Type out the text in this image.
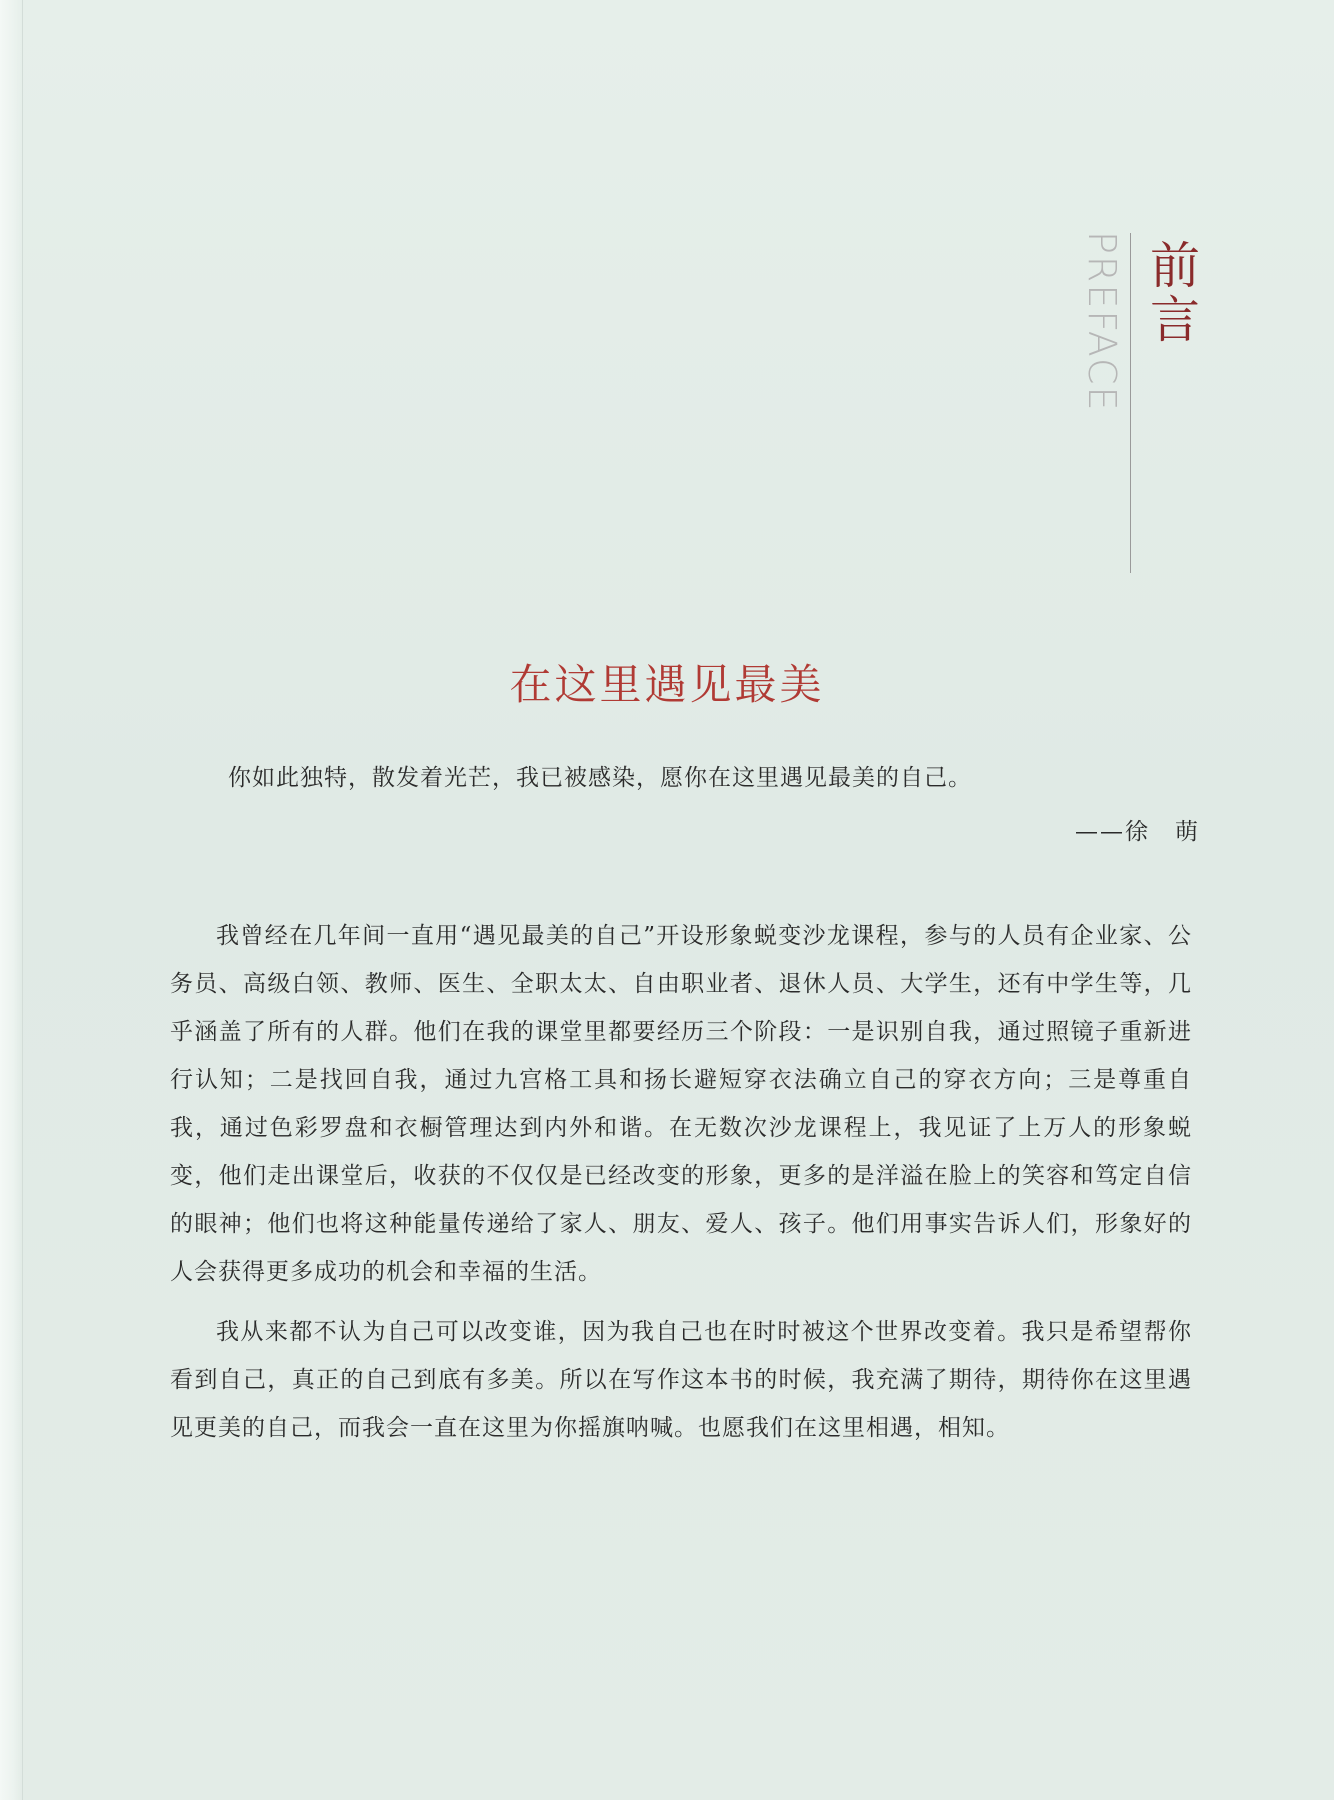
PREFACE 前言
在这里遇见最美
你如此独特，散发着光芒，我已被感染，愿你在这里遇见最美的自己。
——徐　萌

我曾经在几年间一直用“遇见最美的自己”开设形象蜕变沙龙课程，参与的人员有企业家、公务员、高级白领、教师、医生、全职太太、自由职业者、退休人员、大学生，还有中学生等，几乎涵盖了所有的人群。他们在我的课堂里都要经历三个阶段：一是识别自我，通过照镜子重新进行认知；二是找回自我，通过九宫格工具和扬长避短穿衣法确立自己的穿衣方向；三是尊重自我，通过色彩罗盘和衣橱管理达到内外和谐。在无数次沙龙课程上，我见证了上万人的形象蜕变，他们走出课堂后，收获的不仅仅是已经改变的形象，更多的是洋溢在脸上的笑容和笃定自信的眼神；他们也将这种能量传递给了家人、朋友、爱人、孩子。他们用事实告诉人们，形象好的人会获得更多成功的机会和幸福的生活。

我从来都不认为自己可以改变谁，因为我自己也在时时被这个世界改变着。我只是希望帮你看到自己，真正的自己到底有多美。所以在写作这本书的时候，我充满了期待，期待你在这里遇见更美的自己，而我会一直在这里为你摇旗呐喊。也愿我们在这里相遇，相知。
